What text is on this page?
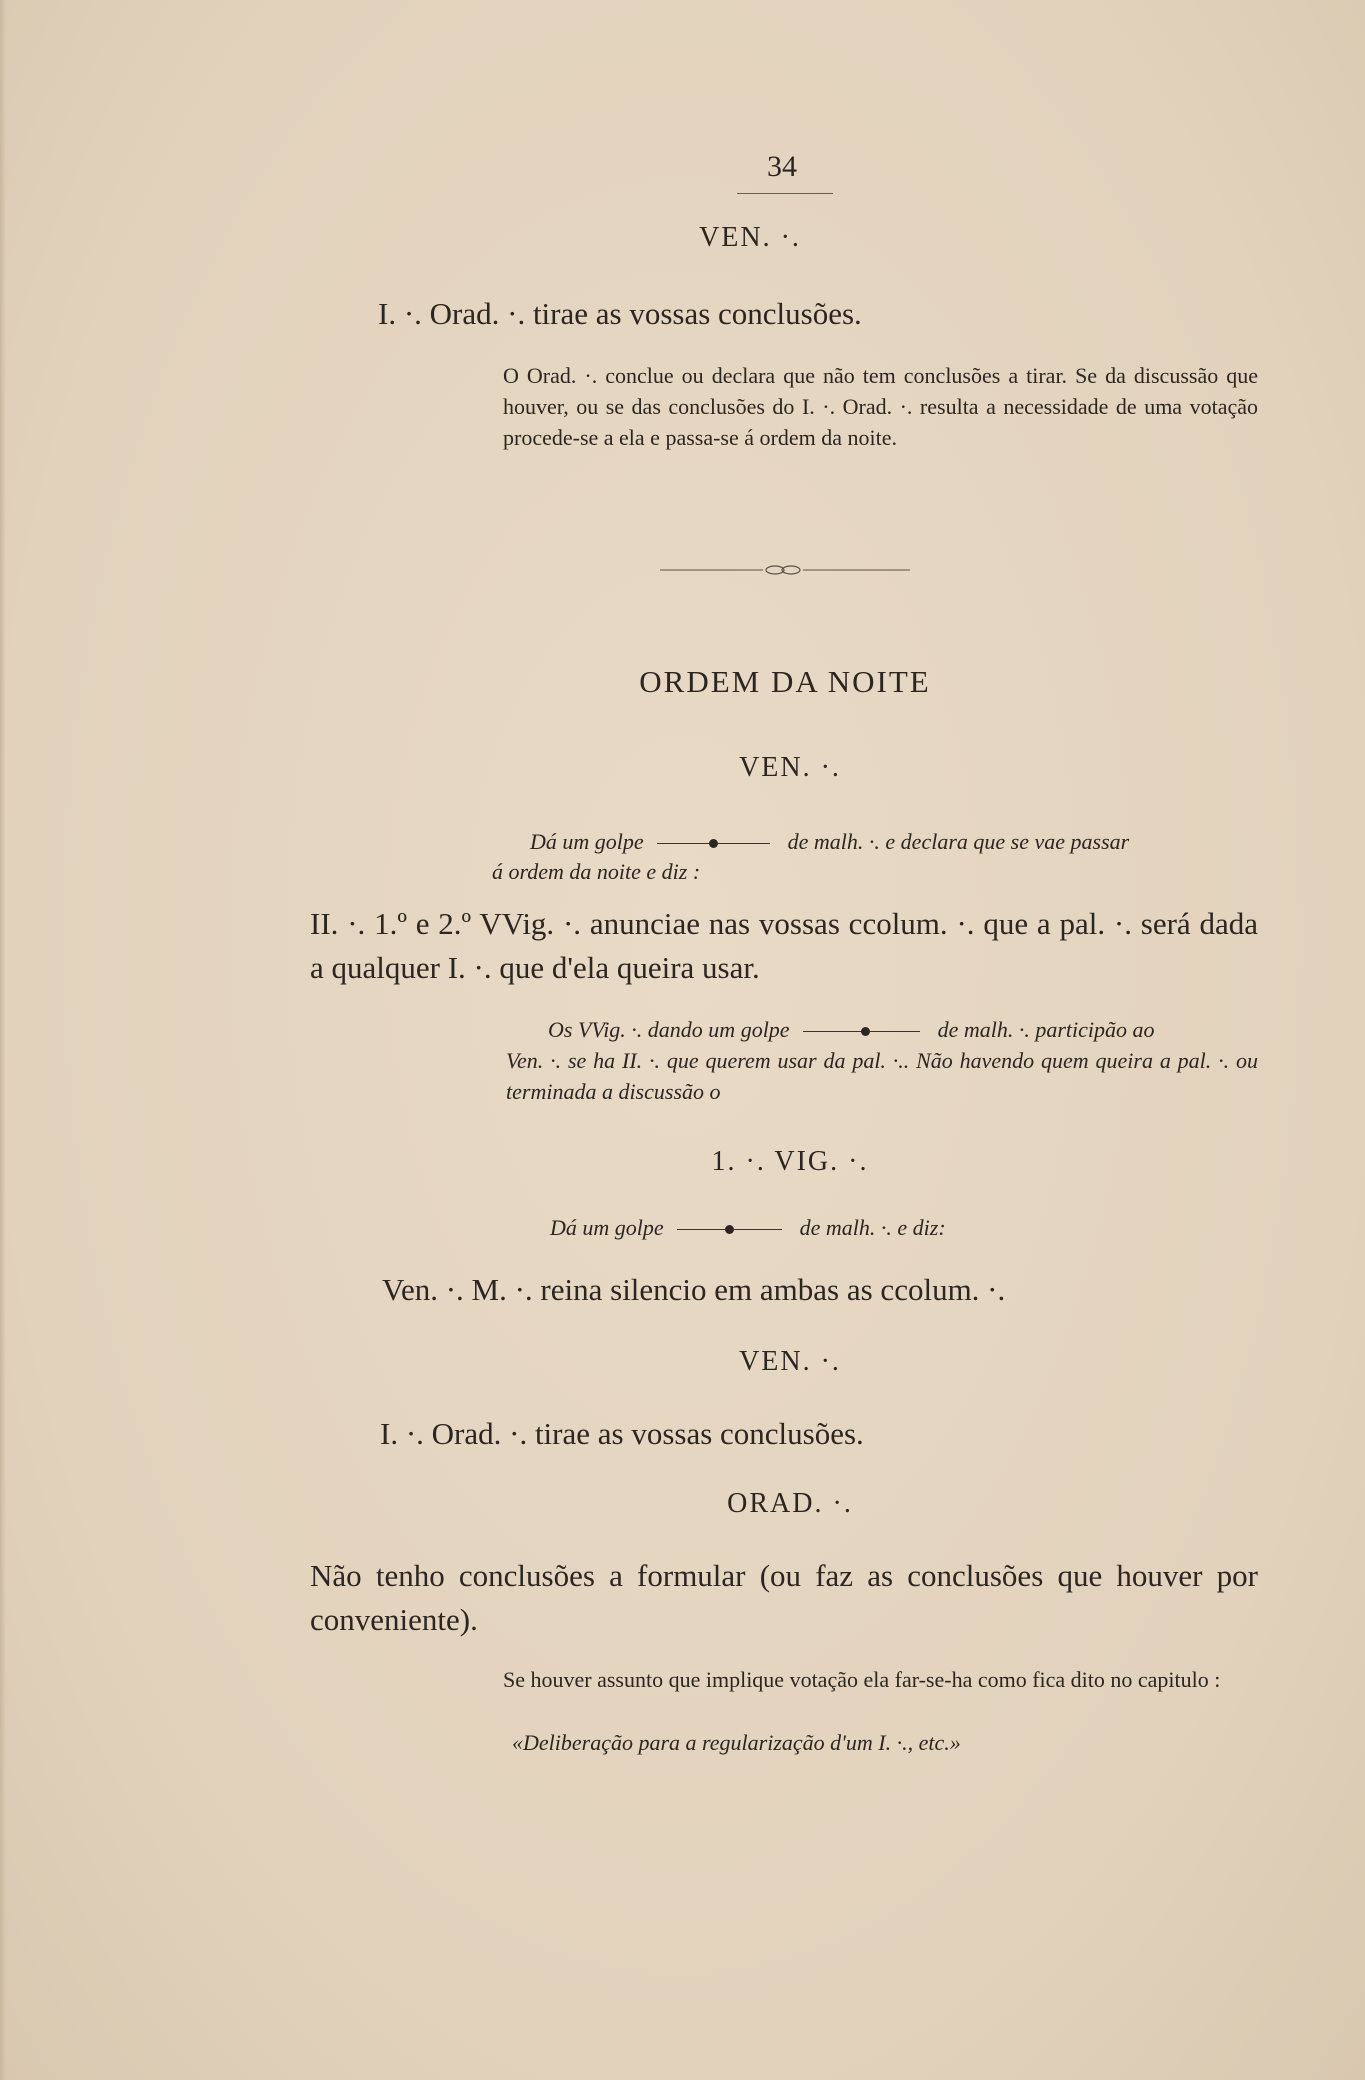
34
VEN. ·.
I. ·. Orad. ·. tirae as vossas conclusões.
O Orad. ·. conclue ou declara que não tem conclusões a tirar. Se da discussão que houver, ou se das conclusões do I. ·. Orad. ·. resulta a necessidade de uma votação procede-se a ela e passa-se á ordem da noite.
ORDEM DA NOITE
VEN. ·.
Dá um golpe	de malh. ·. e declara que se vae passar
á ordem da noite e diz :
II. ·. 1.º e 2.º VVig. ·. anunciae nas vossas ccolum. ·. que a pal. ·. será dada a qualquer I. ·. que d'ela queira usar.
Os VVig. ·. dando um golpe	de malh. ·. participão ao
Ven. ·. se ha II. ·. que querem usar da pal. ·.. Não havendo quem queira a pal. ·. ou terminada a discussão o
1. ·. VIG. ·.
Dá um golpe	de malh. ·. e diz:
Ven. ·. M. ·. reina silencio em ambas as ccolum. ·.
VEN. ·.
I. ·. Orad. ·. tirae as vossas conclusões.
ORAD. ·.
Não tenho conclusões a formular (ou faz as conclusões que houver por conveniente).
Se houver assunto que implique votação ela far-se-ha como fica dito no capitulo :
«Deliberação para a regularização d'um I. ·., etc.»
